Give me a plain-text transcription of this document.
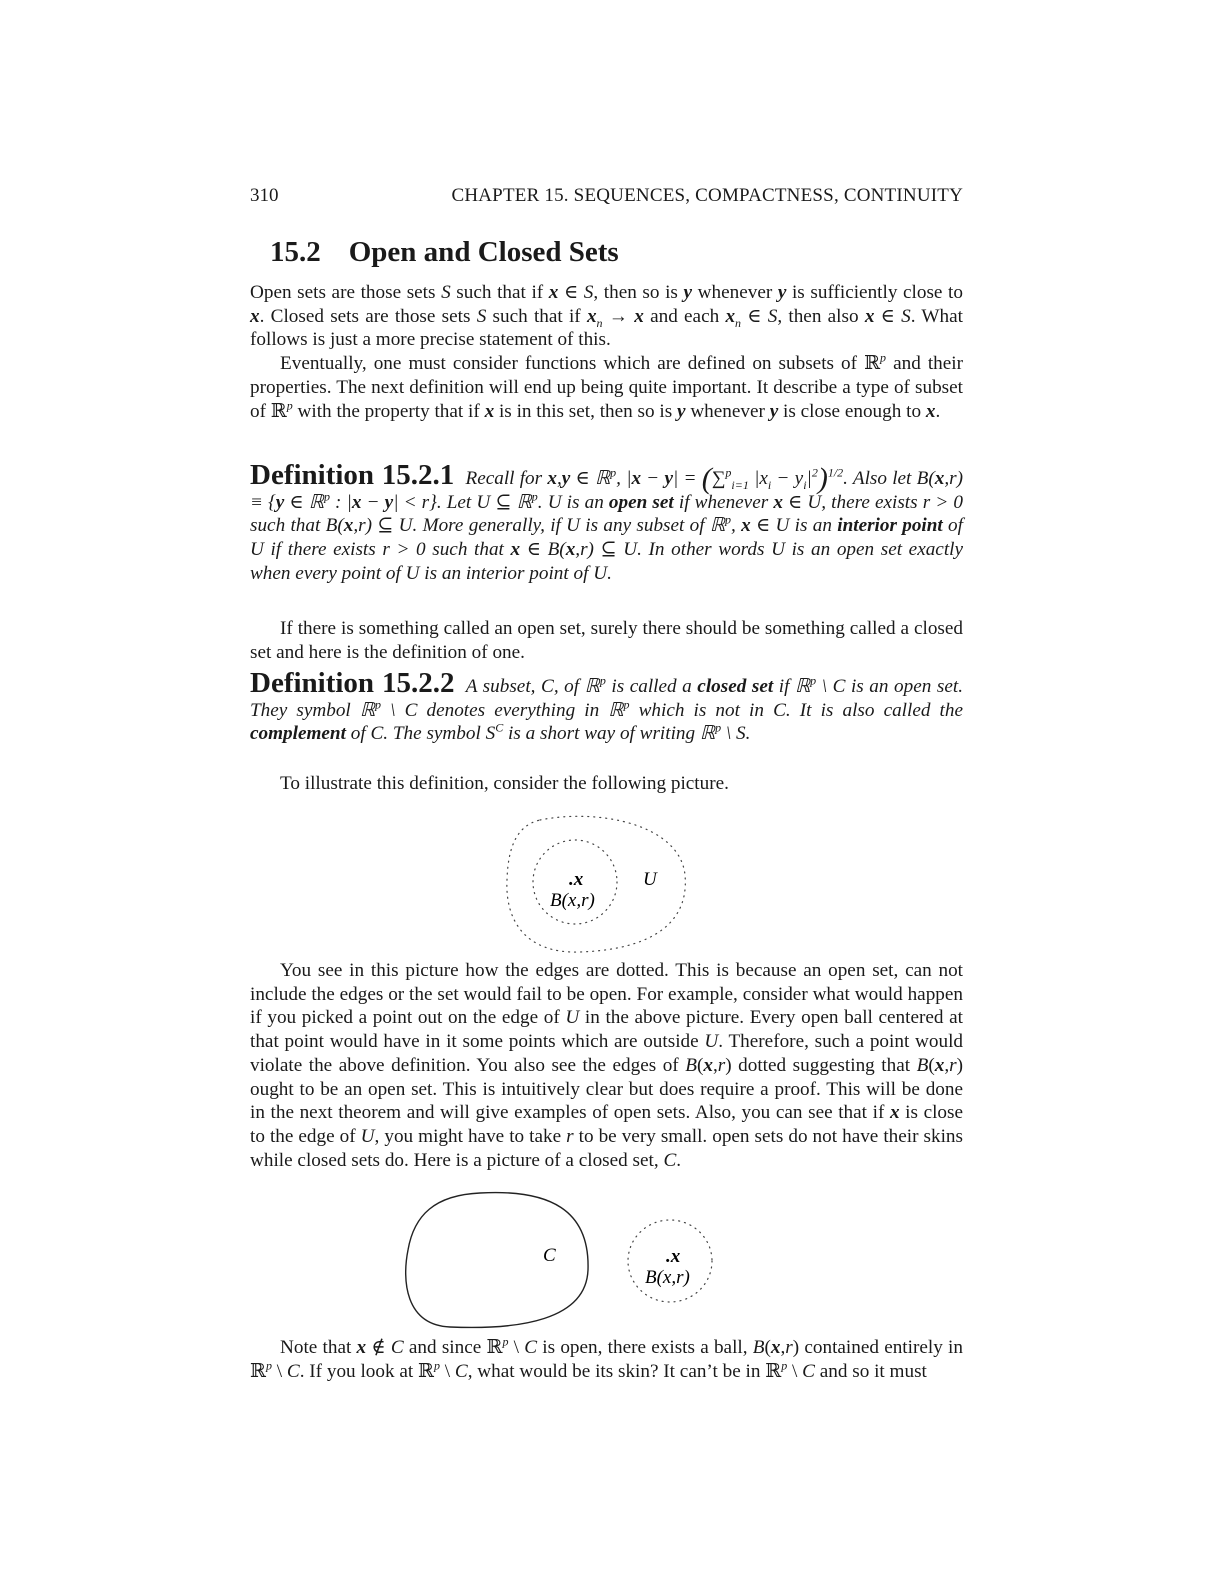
310	CHAPTER 15. SEQUENCES, COMPACTNESS, CONTINUITY
15.2 Open and Closed Sets

Open sets are those sets S such that if x ∈ S, then so is y whenever y is sufficiently close to x. Closed sets are those sets S such that if $x_n \to x$ and each $x_n$ ∈ S, then also x ∈ S. What follows is just a more precise statement of this.

Eventually, one must consider functions which are defined on subsets of ℝ$^p$ and their properties. The next definition will end up being quite important. It describe a type of subset of ℝ$^p$ with the property that if x is in this set, then so is y whenever y is close enough to x.

Definition 15.2.1 Recall for x,y ∈ ℝ$^p$, |x − y| = (∑$^p_{i=1}$ $|x_i - y_i|^2)^{1/2}$. Also let B(x,r) ≡ {y ∈ ℝ$^p$ : |x − y| < r}. Let U ⊆ ℝ$^p$. U is an open set if whenever x ∈ U, there exists r > 0 such that B(x,r) ⊆ U. More generally, if U is any subset of ℝ$^p$, x ∈ U is an interior point of U if there exists r > 0 such that x ∈ B(x,r) ⊆ U. In other words U is an open set exactly when every point of U is an interior point of U.

If there is something called an open set, surely there should be something called a closed set and here is the definition of one.

Definition 15.2.2 A subset, C, of ℝ$^p$ is called a closed set if ℝ$^p$ \ C is an open set. They symbol ℝ$^p$ \ C denotes everything in ℝ$^p$ which is not in C. It is also called the complement of C. The symbol $S^C$ is a short way of writing ℝ$^p$ \ S.

To illustrate this definition, consider the following picture.

.x
B(x,r)
U

You see in this picture how the edges are dotted. This is because an open set, can not include the edges or the set would fail to be open. For example, consider what would happen if you picked a point out on the edge of U in the above picture. Every open ball centered at that point would have in it some points which are outside U. Therefore, such a point would violate the above definition. You also see the edges of B(x,r) dotted suggesting that B(x,r) ought to be an open set. This is intuitively clear but does require a proof. This will be done in the next theorem and will give examples of open sets. Also, you can see that if x is close to the edge of U, you might have to take r to be very small. open sets do not have their skins while closed sets do. Here is a picture of a closed set, C.

C	.x
B(x,r)

Note that x ∉ C and since ℝ$^p$ \ C is open, there exists a ball, B(x,r) contained entirely in ℝ$^p$ \ C. If you look at ℝ$^p$ \ C, what would be its skin? It can’t be in ℝ$^p$ \ C and so it must
